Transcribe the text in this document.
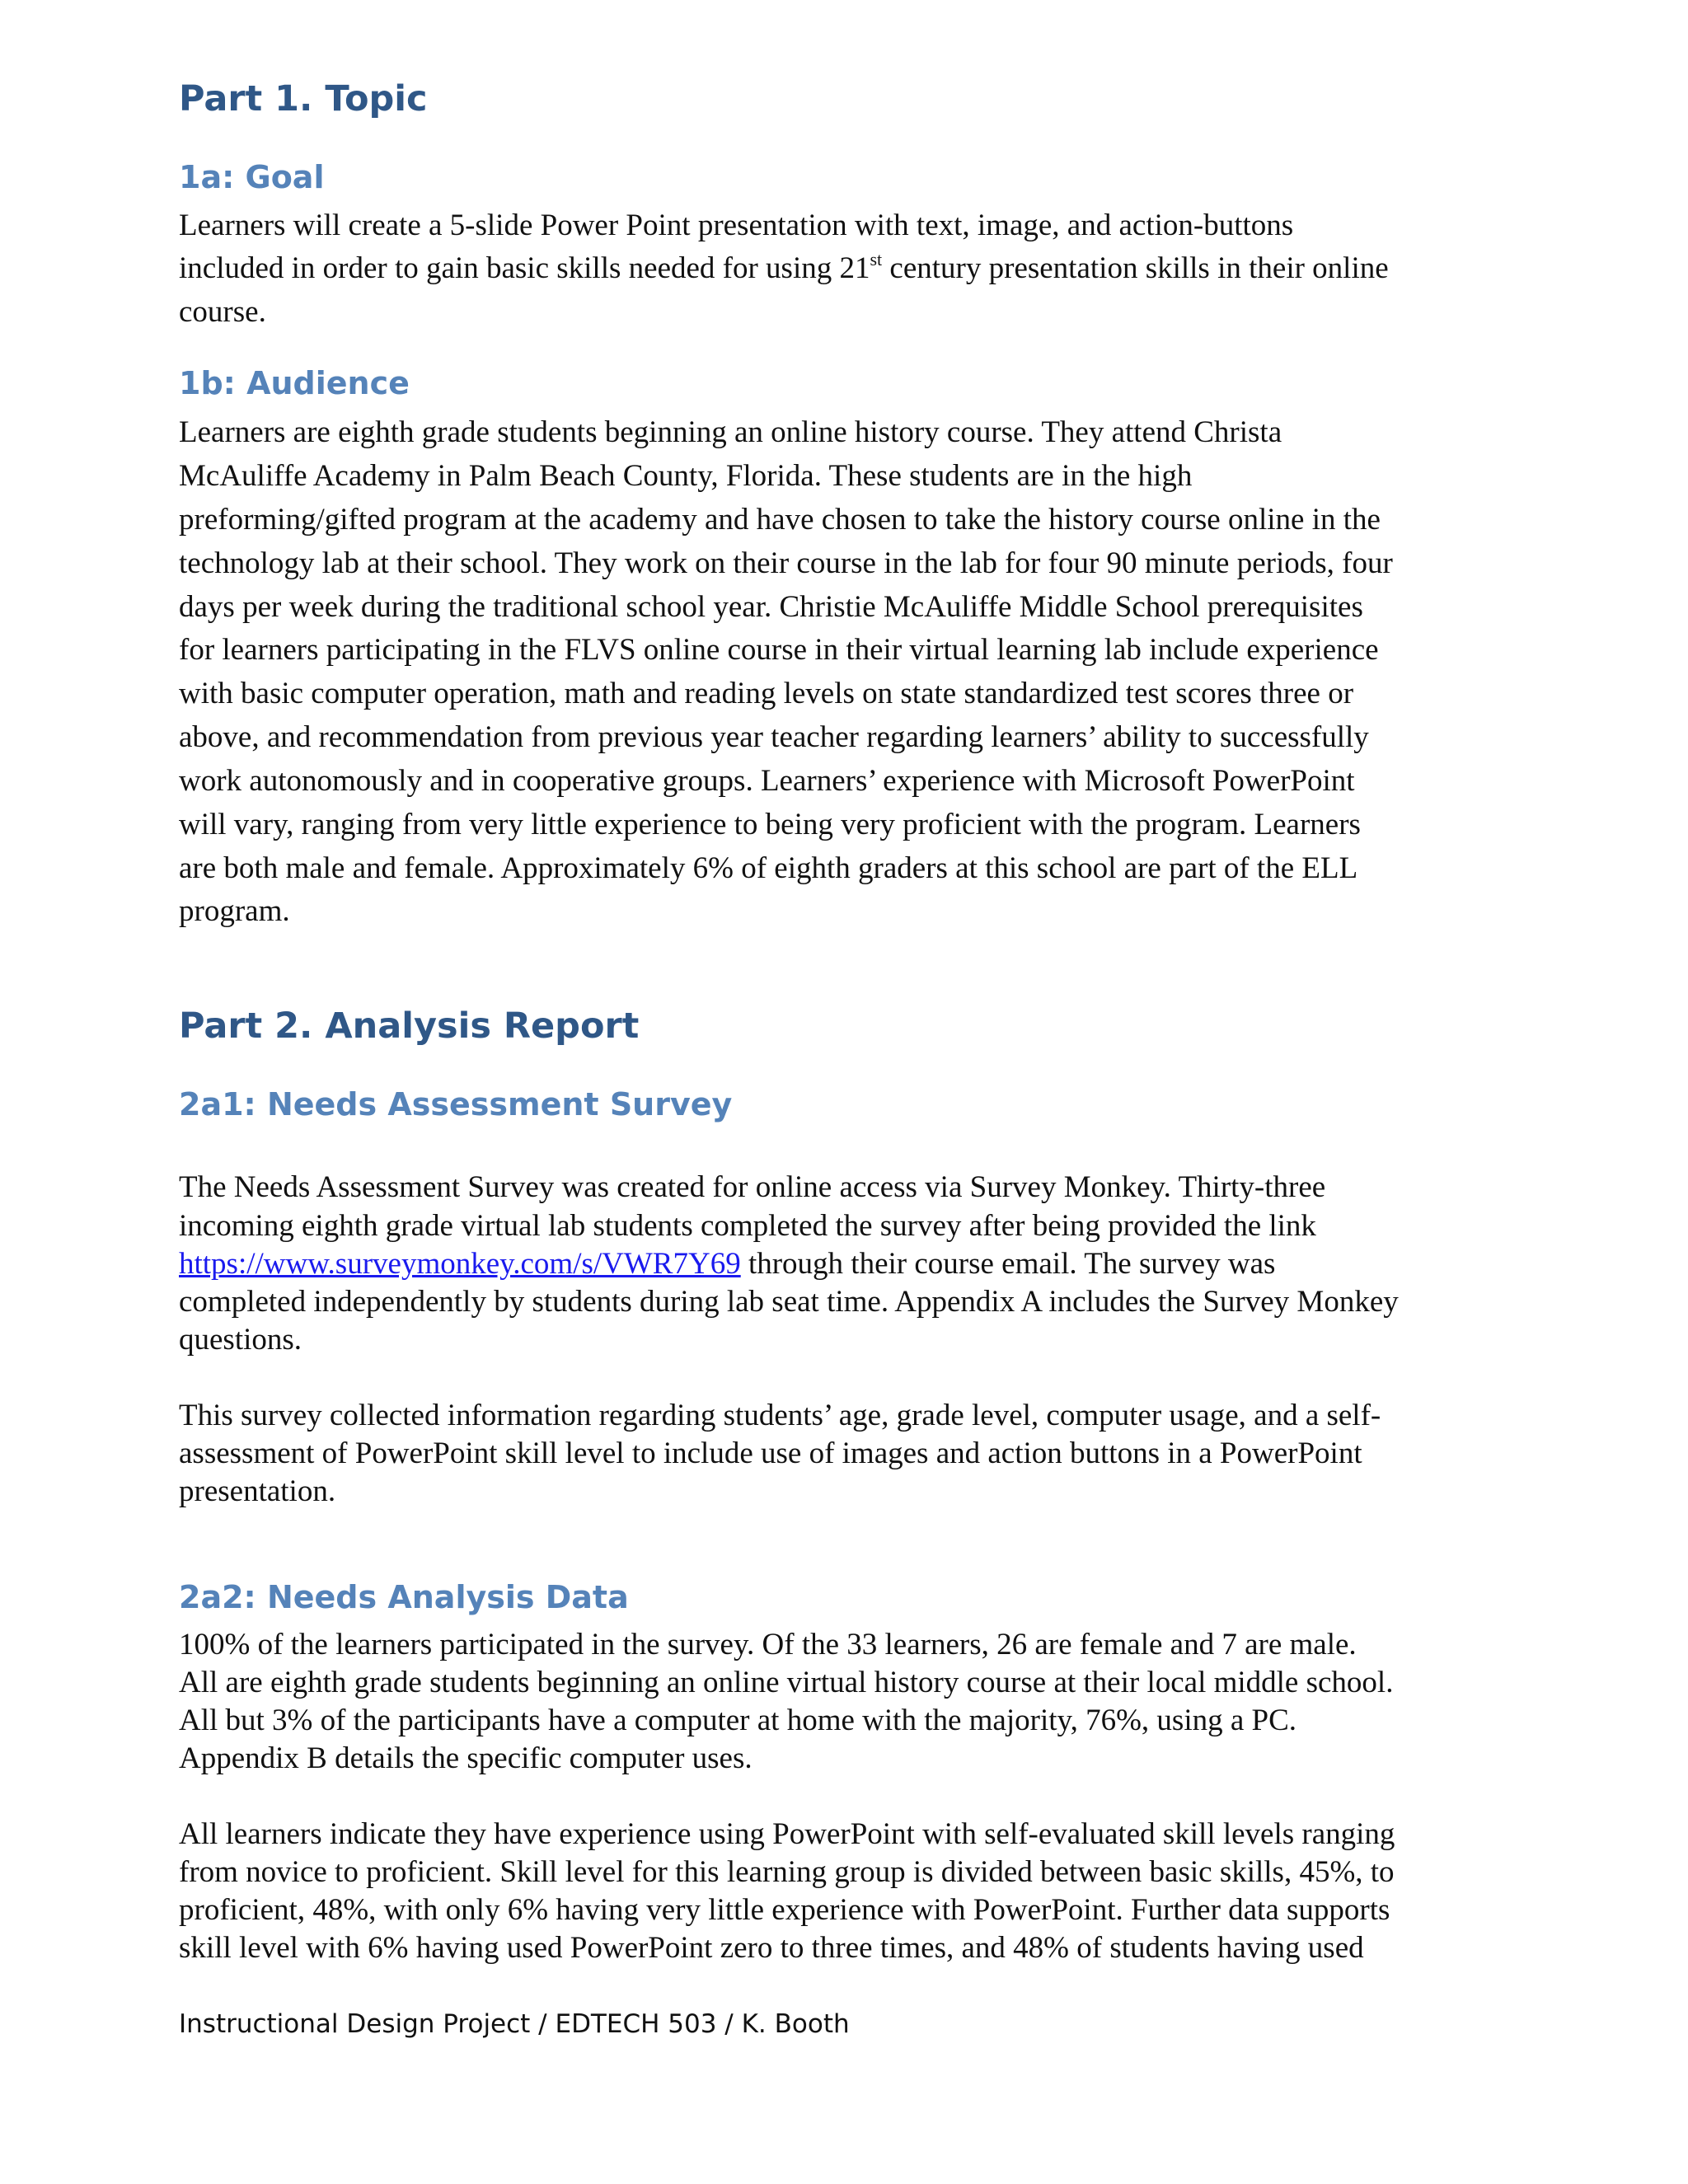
Part 1. Topic
1a: Goal

Learners will create a 5-slide Power Point presentation with text, image, and action-buttons

included in order to gain basic skills needed for using 21st century presentation skills in their online

course.

1b: Audience

Learners are eighth grade students beginning an online history course. They attend Christa

McAuliffe Academy in Palm Beach County, Florida. These students are in the high

preforming/gifted program at the academy and have chosen to take the history course online in the

technology lab at their school. They work on their course in the lab for four 90 minute periods, four

days per week during the traditional school year. Christie McAuliffe Middle School prerequisites

for learners participating in the FLVS online course in their virtual learning lab include experience

with basic computer operation, math and reading levels on state standardized test scores three or

above, and recommendation from previous year teacher regarding learners’ ability to successfully

work autonomously and in cooperative groups. Learners’ experience with Microsoft PowerPoint

will vary, ranging from very little experience to being very proficient with the program. Learners

are both male and female. Approximately 6% of eighth graders at this school are part of the ELL

program.

Part 2. Analysis Report
2a1: Needs Assessment Survey

The Needs Assessment Survey was created for online access via Survey Monkey. Thirty-three

incoming eighth grade virtual lab students completed the survey after being provided the link

https://www.surveymonkey.com/s/VWR7Y69 through their course email. The survey was

completed independently by students during lab seat time. Appendix A includes the Survey Monkey

questions.

This survey collected information regarding students’ age, grade level, computer usage, and a self-

assessment of PowerPoint skill level to include use of images and action buttons in a PowerPoint

presentation.

2a2: Needs Analysis Data

100% of the learners participated in the survey. Of the 33 learners, 26 are female and 7 are male.

All are eighth grade students beginning an online virtual history course at their local middle school.

All but 3% of the participants have a computer at home with the majority, 76%, using a PC.

Appendix B details the specific computer uses.

All learners indicate they have experience using PowerPoint with self-evaluated skill levels ranging

from novice to proficient. Skill level for this learning group is divided between basic skills, 45%, to

proficient, 48%, with only 6% having very little experience with PowerPoint. Further data supports

skill level with 6% having used PowerPoint zero to three times, and 48% of students having used

Instructional Design Project / EDTECH 503 / K. Booth
